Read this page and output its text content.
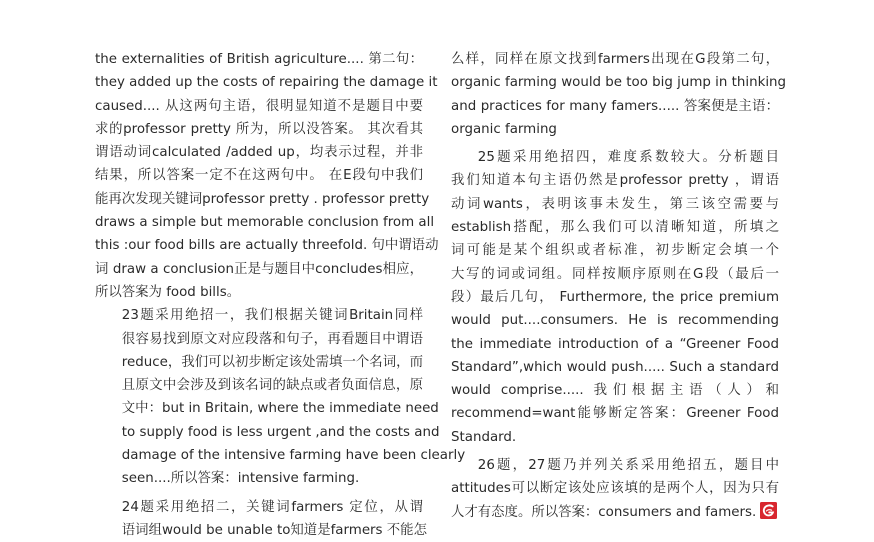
the externalities of British agriculture.... 第二句：
they added up the costs of repairing the damage it
caused.... 从这两句主语，很明显知道不是题目中要
求的professor pretty 所为，所以没答案。 其次看其
谓语动词calculated /added up，均表示过程，并非
结果，所以答案一定不在这两句中。 在E段句中我们
能再次发现关键词professor pretty . professor pretty
draws a simple but memorable conclusion from all
this :our food bills are actually threefold. 句中谓语动
词 draw a conclusion正是与题目中concludes相应，
所以答案为 food bills。

23题采用绝招一，我们根据关键词Britain同样
很容易找到原文对应段落和句子，再看题目中谓语
reduce，我们可以初步断定该处需填一个名词，而
且原文中会涉及到该名词的缺点或者负面信息，原
文中：but in Britain, where the immediate need
to supply food is less urgent ,and the costs and
damage of the intensive farming have been clearly
seen....所以答案：intensive farming.

24题采用绝招二，关键词farmers 定位，从谓
语词组would be unable to知道是farmers 不能怎

么样，同样在原文找到farmers出现在G段第二句，
organic farming would be too big jump in thinking
and practices for many famers..... 答案便是主语：
organic farming

25题采用绝招四，难度系数较大。分析题目
我们知道本句主语仍然是professor pretty ，谓语
动词wants，表明该事未发生，第三该空需要与
establish搭配，那么我们可以清晰知道，所填之
词可能是某个组织或者标准，初步断定会填一个
大写的词或词组。同样按顺序原则在G段（最后一
段）最后几句， Furthermore, the price premium
would put....consumers. He is recommending
the immediate introduction of a “Greener Food
Standard”,which would push..... Such a standard
would comprise..... 我们根据主语（人）和
recommend=want能够断定答案：Greener Food
Standard.

26题，27题乃并列关系采用绝招五，题目中
attitudes可以断定该处应该填的是两个人，因为只有
人才有态度。所以答案：consumers and famers.
